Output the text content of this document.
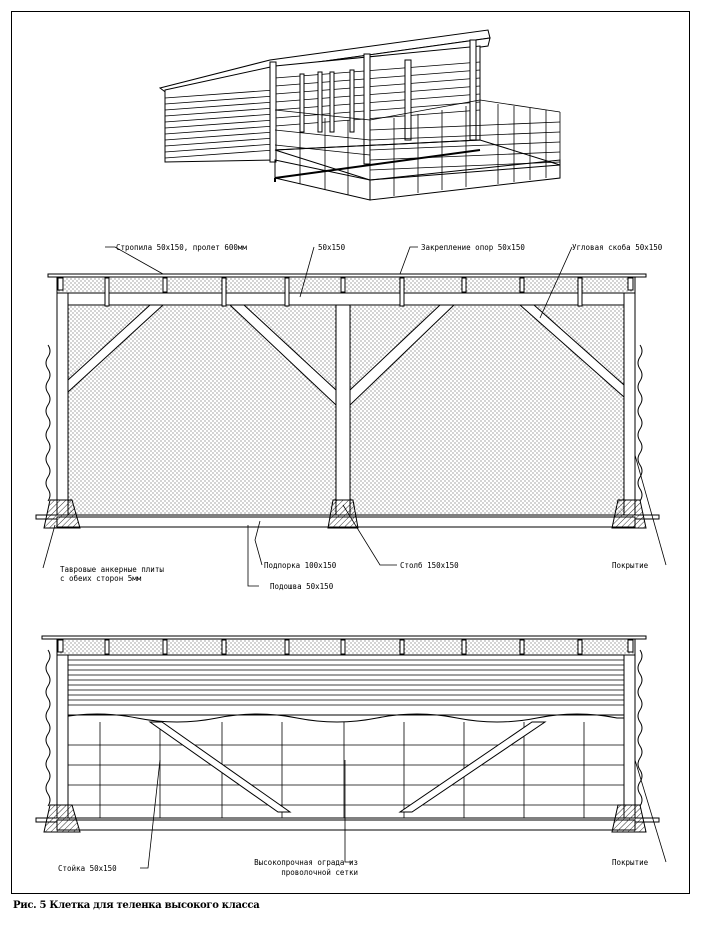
Стропила 50х150, пролет 600мм	50х150	Закрепление опор 50х150	Угловая скоба 50х150
Тавровые анкерные плиты
с обеих сторон 5мм
Подпорка 100х150	Столб 150х150	Покрытие
Подошва 50х150
Стойка 50х150
Высокопрочная ограда из
проволочной сетки
Покрытие
Рис. 5 Клетка для теленка высокого класса
